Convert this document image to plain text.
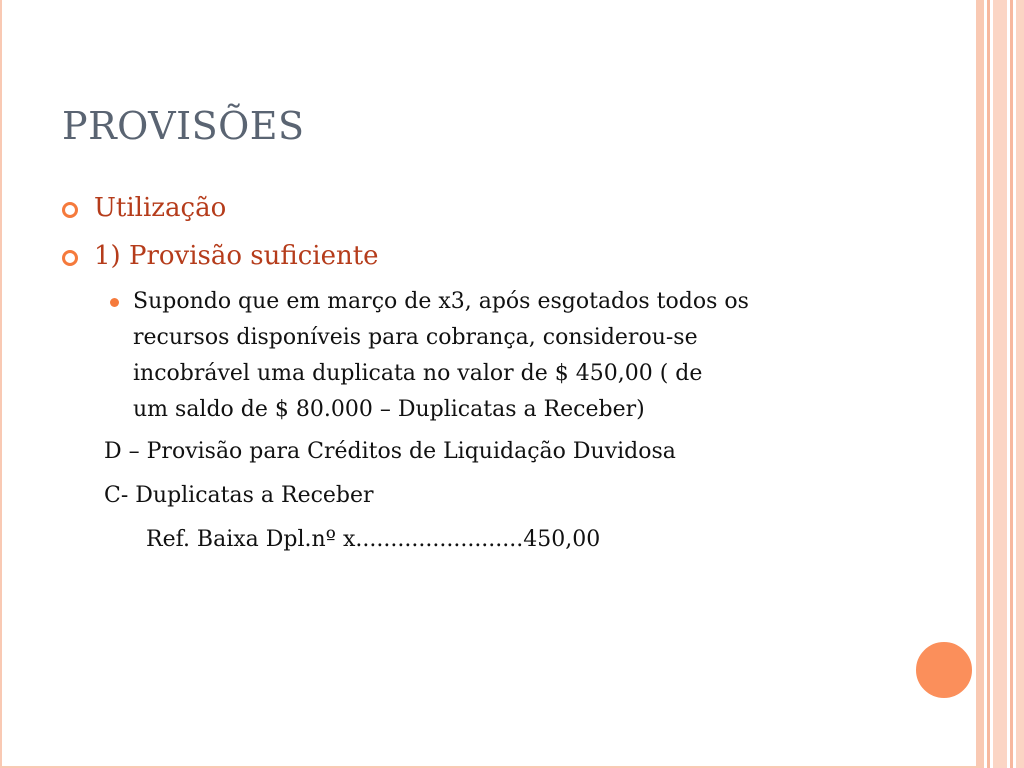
PROVISÕES
Utilização
1) Provisão suficiente
Supondo que em março de x3, após esgotados todos os
recursos disponíveis para cobrança, considerou-se
incobrável uma duplicata no valor de $ 450,00 ( de
um saldo de $ 80.000 – Duplicatas a Receber)
D – Provisão para Créditos de Liquidação Duvidosa
C- Duplicatas a Receber
Ref. Baixa Dpl.nº x........................450,00
